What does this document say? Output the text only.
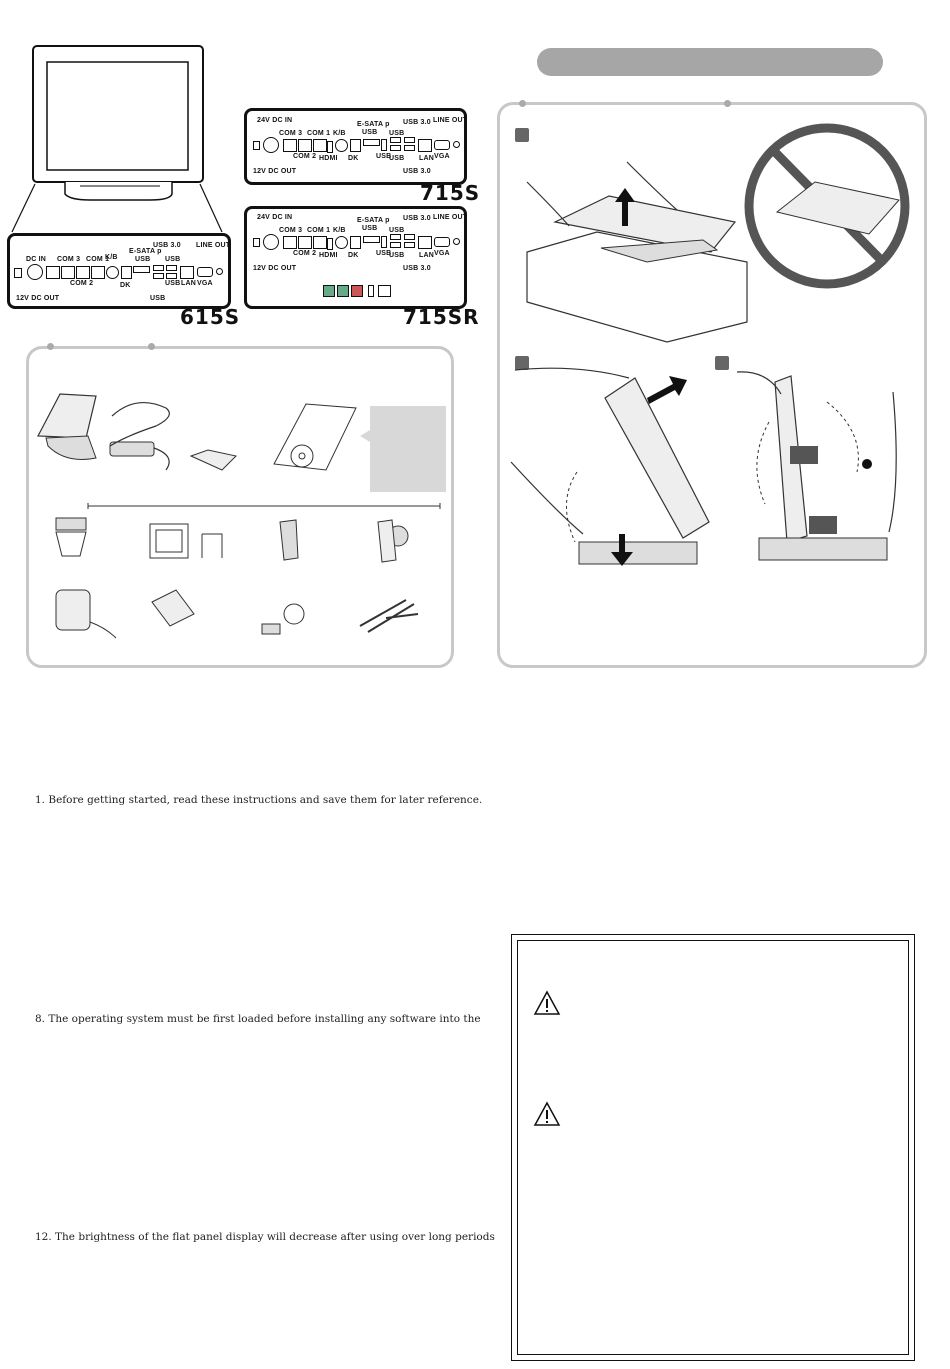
DC IN COM 3 COM 1
K/B
E-SATA p
USB
USB 3.0 LINE OUT
USB
COM 2	DK	USB LAN VGA
12V DC OUT	USB
615S
24V DC IN
E-SATA p USB 3.0 LINE OUT
COM 3 COM 1 K/B USB USB
COM 2 HDMI DK USB
USB LAN VGA
12V DC OUT	USB 3.0
715S
24V DC IN	E-SATA p USB 3.0 LINE OUT
COM 3 COM 1 K/B USB USB
COM 2 HDMI DK USB
USB LAN VGA
12V DC OUT	USB 3.0
715SR
1. Before getting started, read these instructions and save them for later reference.
8. The operating system must be first loaded before installing any software into the
12. The brightness of the flat panel display will decrease after using over long periods
